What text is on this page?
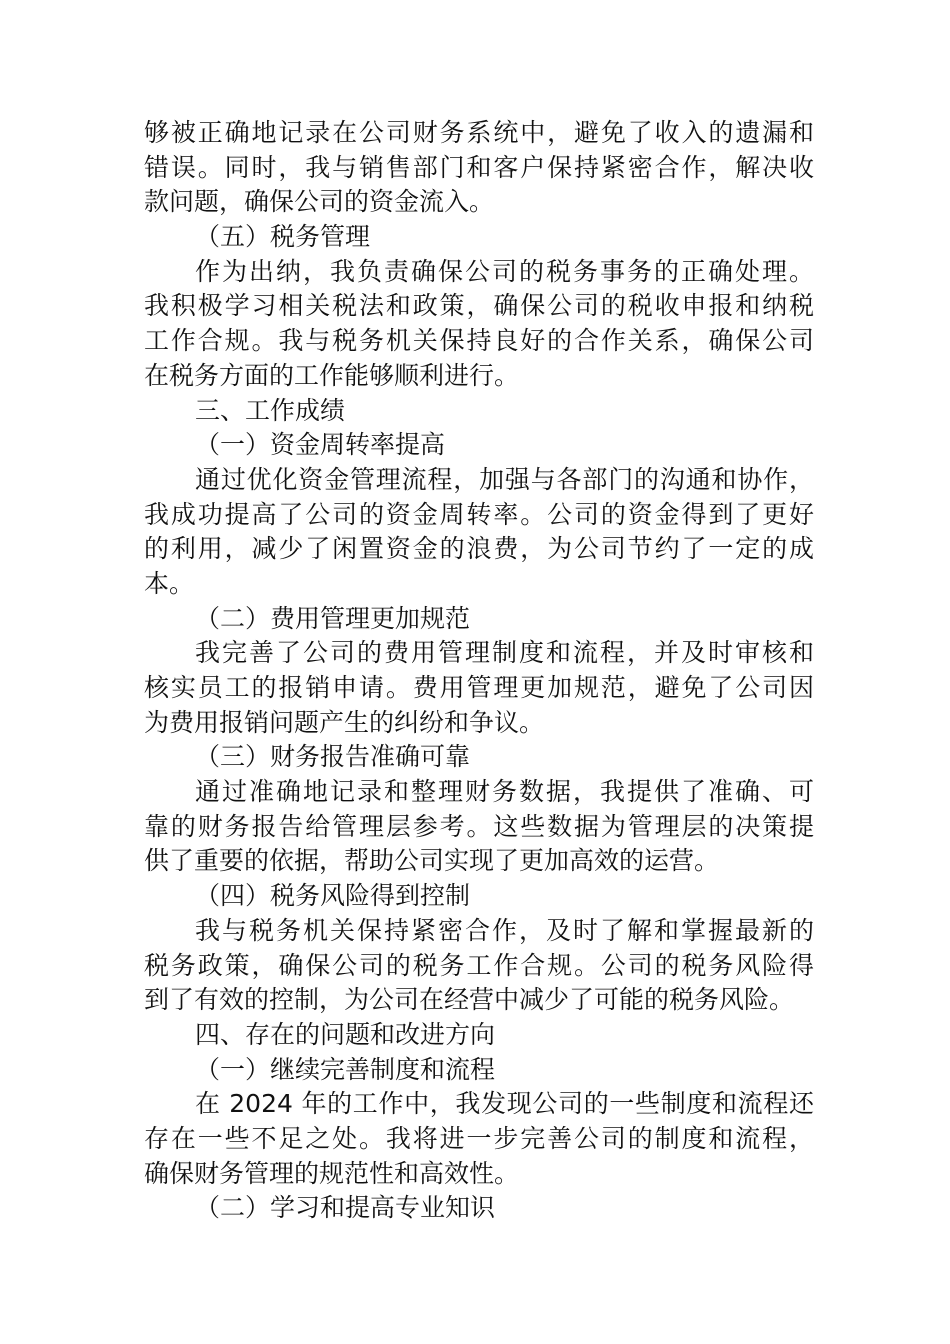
够被正确地记录在公司财务系统中，避免了收入的遗漏和
错误。同时，我与销售部门和客户保持紧密合作，解决收
款问题，确保公司的资金流入。
（五）税务管理
作为出纳，我负责确保公司的税务事务的正确处理。
我积极学习相关税法和政策，确保公司的税收申报和纳税
工作合规。我与税务机关保持良好的合作关系，确保公司
在税务方面的工作能够顺利进行。
三、工作成绩
（一）资金周转率提高
通过优化资金管理流程，加强与各部门的沟通和协作，
我成功提高了公司的资金周转率。公司的资金得到了更好
的利用，减少了闲置资金的浪费，为公司节约了一定的成
本。
（二）费用管理更加规范
我完善了公司的费用管理制度和流程，并及时审核和
核实员工的报销申请。费用管理更加规范，避免了公司因
为费用报销问题产生的纠纷和争议。
（三）财务报告准确可靠
通过准确地记录和整理财务数据，我提供了准确、可
靠的财务报告给管理层参考。这些数据为管理层的决策提
供了重要的依据，帮助公司实现了更加高效的运营。
（四）税务风险得到控制
我与税务机关保持紧密合作，及时了解和掌握最新的
税务政策，确保公司的税务工作合规。公司的税务风险得
到了有效的控制，为公司在经营中减少了可能的税务风险。
四、存在的问题和改进方向
（一）继续完善制度和流程
在 2024 年的工作中，我发现公司的一些制度和流程还
存在一些不足之处。我将进一步完善公司的制度和流程，
确保财务管理的规范性和高效性。
（二）学习和提高专业知识
